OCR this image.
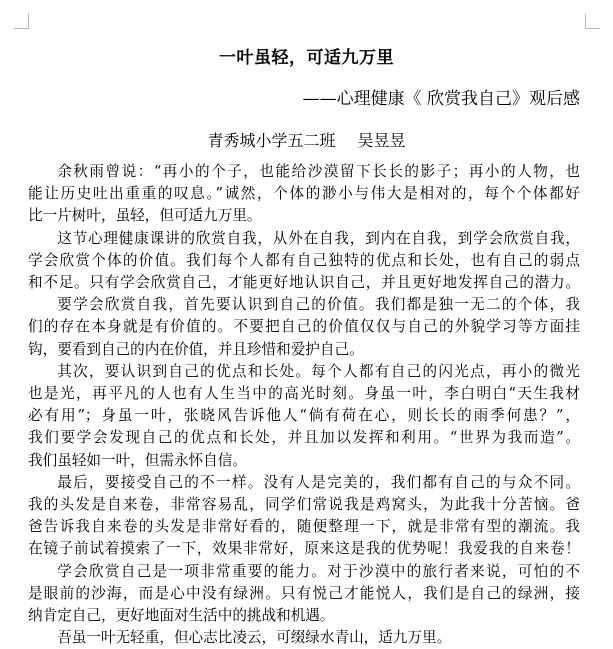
一叶虽轻，可适九万里
——心理健康《 欣赏我自己》观后感
青秀城小学五二班 吴昱昱
余秋雨曾说：“再小的个子，也能给沙漠留下长长的影子；再小的人物，也
能让历史吐出重重的叹息。”诚然，个体的渺小与伟大是相对的，每个个体都好
比一片树叶，虽轻，但可适九万里。
这节心理健康课讲的欣赏自我，从外在自我，到内在自我，到学会欣赏自我，
学会欣赏个体的价值。我们每个人都有自己独特的优点和长处，也有自己的弱点
和不足。只有学会欣赏自己，才能更好地认识自己，并且更好地发挥自己的潜力。
要学会欣赏自我，首先要认识到自己的价值。我们都是独一无二的个体，我
们的存在本身就是有价值的。不要把自己的价值仅仅与自己的外貌学习等方面挂
钩，要看到自己的内在价值，并且珍惜和爱护自己。
其次，要认识到自己的优点和长处。每个人都有自己的闪光点，再小的微光
也是光，再平凡的人也有人生当中的高光时刻。身虽一叶，李白明白“天生我材
必有用”；身虽一叶，张晓风告诉他人“倘有荷在心，则长长的雨季何患？”，
我们要学会发现自己的优点和长处，并且加以发挥和利用。“世界为我而造”。
我们虽轻如一叶，但需永怀自信。
最后，要接受自己的不一样。没有人是完美的，我们都有自己的与众不同。
我的头发是自来卷，非常容易乱，同学们常说我是鸡窝头，为此我十分苦恼。爸
爸告诉我自来卷的头发是非常好看的，随便整理一下，就是非常有型的潮流。我
在镜子前试着摸索了一下，效果非常好，原来这是我的优势呢！我爱我的自来卷！
学会欣赏自己是一项非常重要的能力。对于沙漠中的旅行者来说，可怕的不
是眼前的沙海，而是心中没有绿洲。只有悦己才能悦人，我们是自己的绿洲，接
纳肯定自己，更好地面对生活中的挑战和机遇。
吾虽一叶无轻重，但心志比凌云，可缀绿水青山，适九万里。
